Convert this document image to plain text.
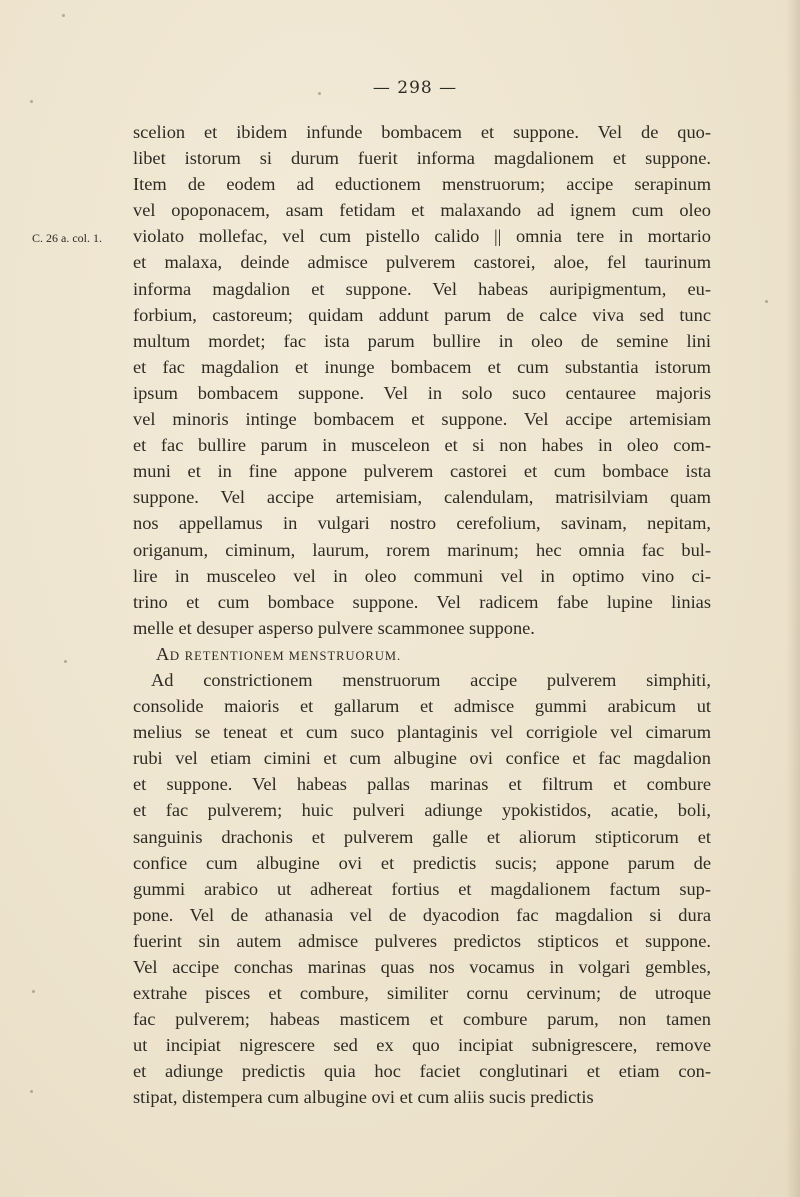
— 298 —
C. 26 a. col. 1.
scelion et ibidem infunde bombacem et suppone. Vel de quo-
libet istorum si durum fuerit informa magdalionem et suppone.
Item de eodem ad eductionem menstruorum; accipe serapinum
vel opoponacem, asam fetidam et malaxando ad ignem cum oleo
violato mollefac, vel cum pistello calido || omnia tere in mortario
et malaxa, deinde admisce pulverem castorei, aloe, fel taurinum
informa magdalion et suppone. Vel habeas auripigmentum, eu-
forbium, castoreum; quidam addunt parum de calce viva sed tunc
multum mordet; fac ista parum bullire in oleo de semine lini
et fac magdalion et inunge bombacem et cum substantia istorum
ipsum bombacem suppone. Vel in solo suco centauree majoris
vel minoris intinge bombacem et suppone. Vel accipe artemisiam
et fac bullire parum in musceleon et si non habes in oleo com-
muni et in fine appone pulverem castorei et cum bombace ista
suppone. Vel accipe artemisiam, calendulam, matrisilviam quam
nos appellamus in vulgari nostro cerefolium, savinam, nepitam,
origanum, ciminum, laurum, rorem marinum; hec omnia fac bul-
lire in musceleo vel in oleo communi vel in optimo vino ci-
trino et cum bombace suppone. Vel radicem fabe lupine linias
melle et desuper asperso pulvere scammonee suppone.
Ad RETENTIONEM MENSTRUORUM.
Ad constrictionem menstruorum accipe pulverem simphiti,
consolide maioris et gallarum et admisce gummi arabicum ut
melius se teneat et cum suco plantaginis vel corrigiole vel cimarum
rubi vel etiam cimini et cum albugine ovi confice et fac magdalion
et suppone. Vel habeas pallas marinas et filtrum et combure
et fac pulverem; huic pulveri adiunge ypokistidos, acatie, boli,
sanguinis drachonis et pulverem galle et aliorum stipticorum et
confice cum albugine ovi et predictis sucis; appone parum de
gummi arabico ut adhereat fortius et magdalionem factum sup-
pone. Vel de athanasia vel de dyacodion fac magdalion si dura
fuerint sin autem admisce pulveres predictos stipticos et suppone.
Vel accipe conchas marinas quas nos vocamus in volgari gembles,
extrahe pisces et combure, similiter cornu cervinum; de utroque
fac pulverem; habeas masticem et combure parum, non tamen
ut incipiat nigrescere sed ex quo incipiat subnigrescere, remove
et adiunge predictis quia hoc faciet conglutinari et etiam con-
stipat, distempera cum albugine ovi et cum aliis sucis predictis
